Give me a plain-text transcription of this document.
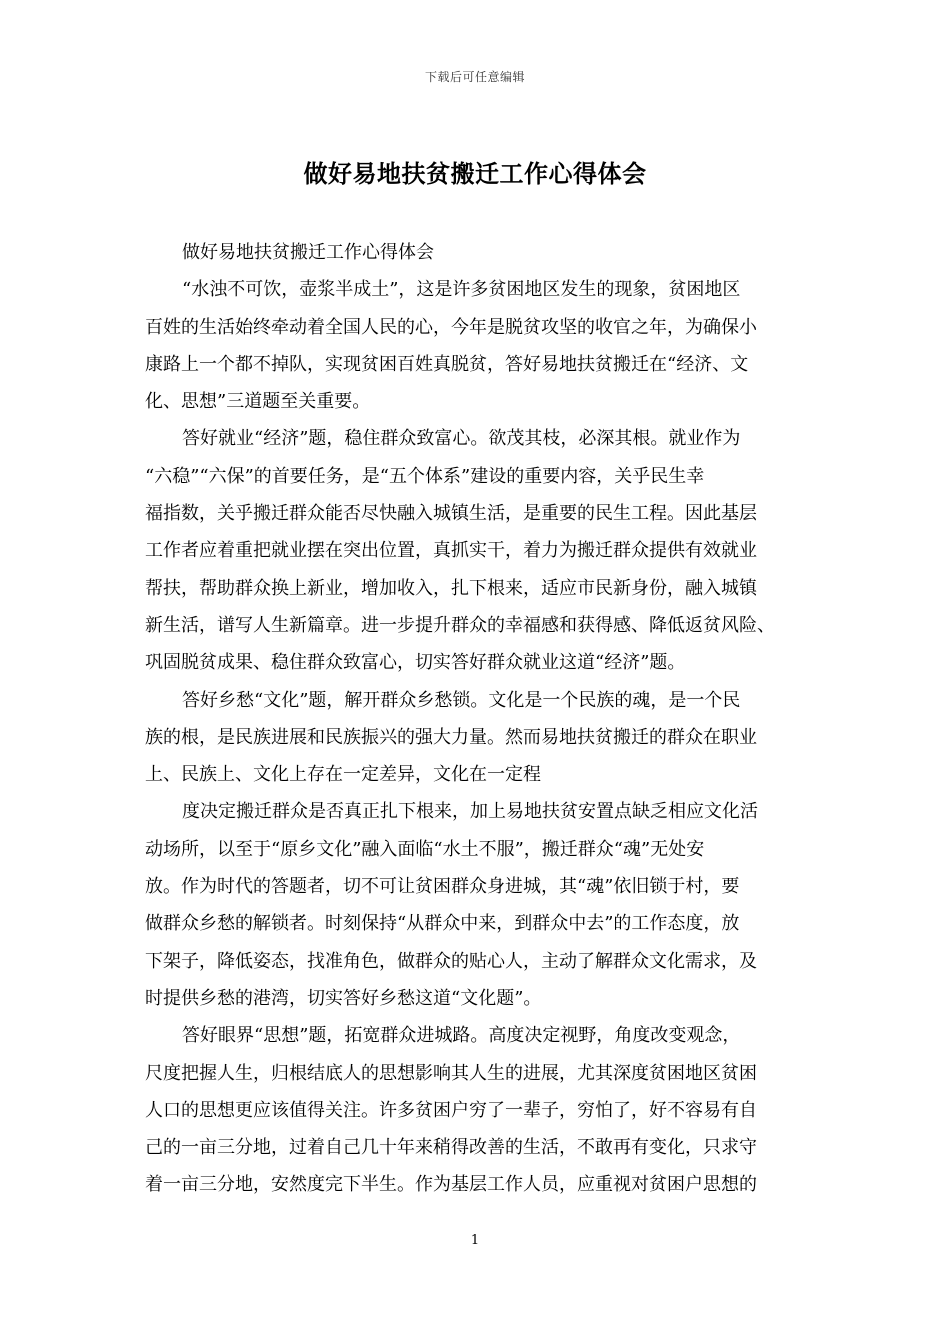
下载后可任意编辑
做好易地扶贫搬迁工作心得体会
做好易地扶贫搬迁工作心得体会
“水浊不可饮，壶浆半成土”，这是许多贫困地区发生的现象，贫困地区
百姓的生活始终牵动着全国人民的心，今年是脱贫攻坚的收官之年，为确保小
康路上一个都不掉队，实现贫困百姓真脱贫，答好易地扶贫搬迁在“经济、文
化、思想”三道题至关重要。
答好就业“经济”题，稳住群众致富心。欲茂其枝，必深其根。就业作为
“六稳”“六保”的首要任务，是“五个体系”建设的重要内容，关乎民生幸
福指数，关乎搬迁群众能否尽快融入城镇生活，是重要的民生工程。因此基层
工作者应着重把就业摆在突出位置，真抓实干，着力为搬迁群众提供有效就业
帮扶，帮助群众换上新业，增加收入，扎下根来，适应市民新身份，融入城镇
新生活，谱写人生新篇章。进一步提升群众的幸福感和获得感、降低返贫风险、
巩固脱贫成果、稳住群众致富心，切实答好群众就业这道“经济”题。
答好乡愁“文化”题，解开群众乡愁锁。文化是一个民族的魂，是一个民
族的根，是民族进展和民族振兴的强大力量。然而易地扶贫搬迁的群众在职业
上、民族上、文化上存在一定差异，文化在一定程
度决定搬迁群众是否真正扎下根来，加上易地扶贫安置点缺乏相应文化活
动场所，以至于“原乡文化”融入面临“水土不服”，搬迁群众“魂”无处安
放。作为时代的答题者，切不可让贫困群众身进城，其“魂”依旧锁于村，要
做群众乡愁的解锁者。时刻保持“从群众中来，到群众中去”的工作态度，放
下架子，降低姿态，找准角色，做群众的贴心人，主动了解群众文化需求，及
时提供乡愁的港湾，切实答好乡愁这道“文化题”。
答好眼界“思想”题，拓宽群众进城路。高度决定视野，角度改变观念，
尺度把握人生，归根结底人的思想影响其人生的进展，尤其深度贫困地区贫困
人口的思想更应该值得关注。许多贫困户穷了一辈子，穷怕了，好不容易有自
己的一亩三分地，过着自己几十年来稍得改善的生活，不敢再有变化，只求守
着一亩三分地，安然度完下半生。作为基层工作人员，应重视对贫困户思想的
1
